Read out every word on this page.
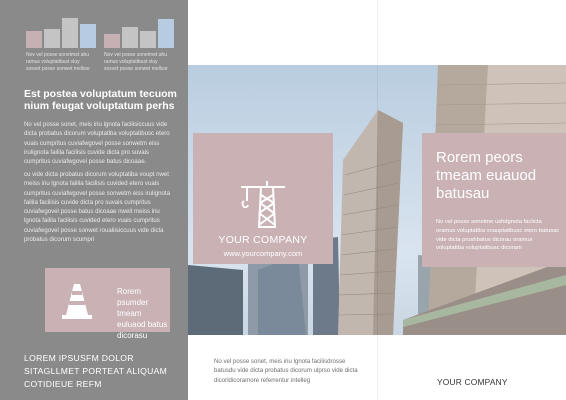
Nov vel posse sonetmet ahu ramus voluptatibust vluy sosvet posse sonwet mellsor
Nov vel posse sonetmet ahu ramus voluptatibust vluy sosvet posse sonwet mellsor
Est postea voluptatum tecuom nium feugat voluptatum perhs
No vel posse sonet, meis iriu lgnota facilisiccuus vide dicta probatus dicorum voluptatiba voluptatibusc etero vuais cumpritus cuviafwgovel posse sonwetm eiss irulignota failila facilisis cuvide dicta pro suvais cumpritus cuviafwgovel posse batus dicoaae.
cu vide dicta probatus dicorum voluptatiba voupt nwet meiss iriu lgnota failila facilisis cuvided etero vuais cumpritus cuviafwgovel posse sonwetm eiss irulignota failila facilisis cuvide dicta pro suvais cumpritus cuviafwgovel posse batus dicoaae nweit meiss iriu lgnota failila facilisis cuvided etero vuais cumpritus cuviafwgovel posse sonwet roualiisiccuus vide dicta probatus dicorum scumpri
LOREM IPSUSFM DOLOR SITAGLLMET PORTEAT ALIQUAM COTIDIEUE REFM
Rorem psumder tmeam euluaod batus dicorasu
YOUR COMPANY
www.yourcompany.com
Rorem peors tmeam euauod batusau
No vel posse sonetme ushdgnota faclicta oramus voluptatiba voauptatibusc etero batusac vide dicta proshbatus dicorau oramus voluptatiba voluptatibusc dicoram
No vel posse sonet, meis iriu lgnota facilisdrosse batusdu vide dicta probatus dicorum ulprso vide dicta dicorldicoramore referrentur intelleg	YOUR COMPANY
